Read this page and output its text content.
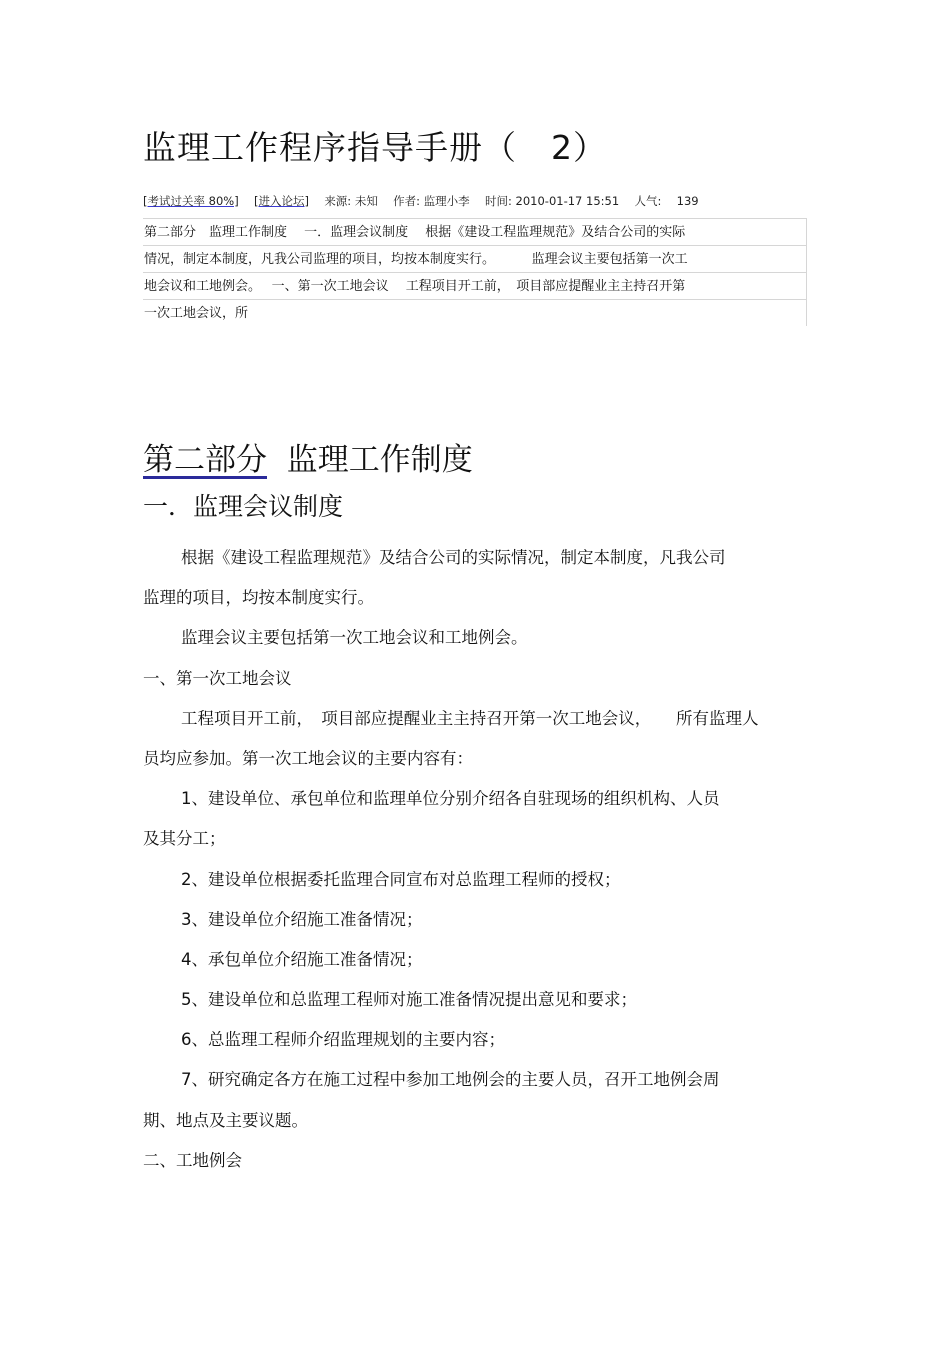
监理工作程序指导手册（　2）
[考试过关率 80%] [进入论坛] 来源: 未知 作者: 监理小李 时间: 2010-01-17 15:51 人气: 139
第二部分　监理工作制度　 一．监理会议制度　 根据《建设工程监理规范》及结合公司的实际
情况，制定本制度，凡我公司监理的项目，均按本制度实行。　　　 监理会议主要包括第一次工
地会议和工地例会。　 一、第一次工地会议　 工程项目开工前，　项目部应提醒业主主持召开第
一次工地会议，所
第二部分 监理工作制度
一．监理会议制度
根据《建设工程监理规范》及结合公司的实际情况，制定本制度，凡我公司
监理的项目，均按本制度实行。
监理会议主要包括第一次工地会议和工地例会。
一、第一次工地会议
工程项目开工前，　项目部应提醒业主主持召开第一次工地会议，　　所有监理人
员均应参加。第一次工地会议的主要内容有：
1、建设单位、承包单位和监理单位分别介绍各自驻现场的组织机构、人员
及其分工；
2、建设单位根据委托监理合同宣布对总监理工程师的授权；
3、建设单位介绍施工准备情况；
4、承包单位介绍施工准备情况；
5、建设单位和总监理工程师对施工准备情况提出意见和要求；
6、总监理工程师介绍监理规划的主要内容；
7、研究确定各方在施工过程中参加工地例会的主要人员，召开工地例会周
期、地点及主要议题。
二、工地例会
